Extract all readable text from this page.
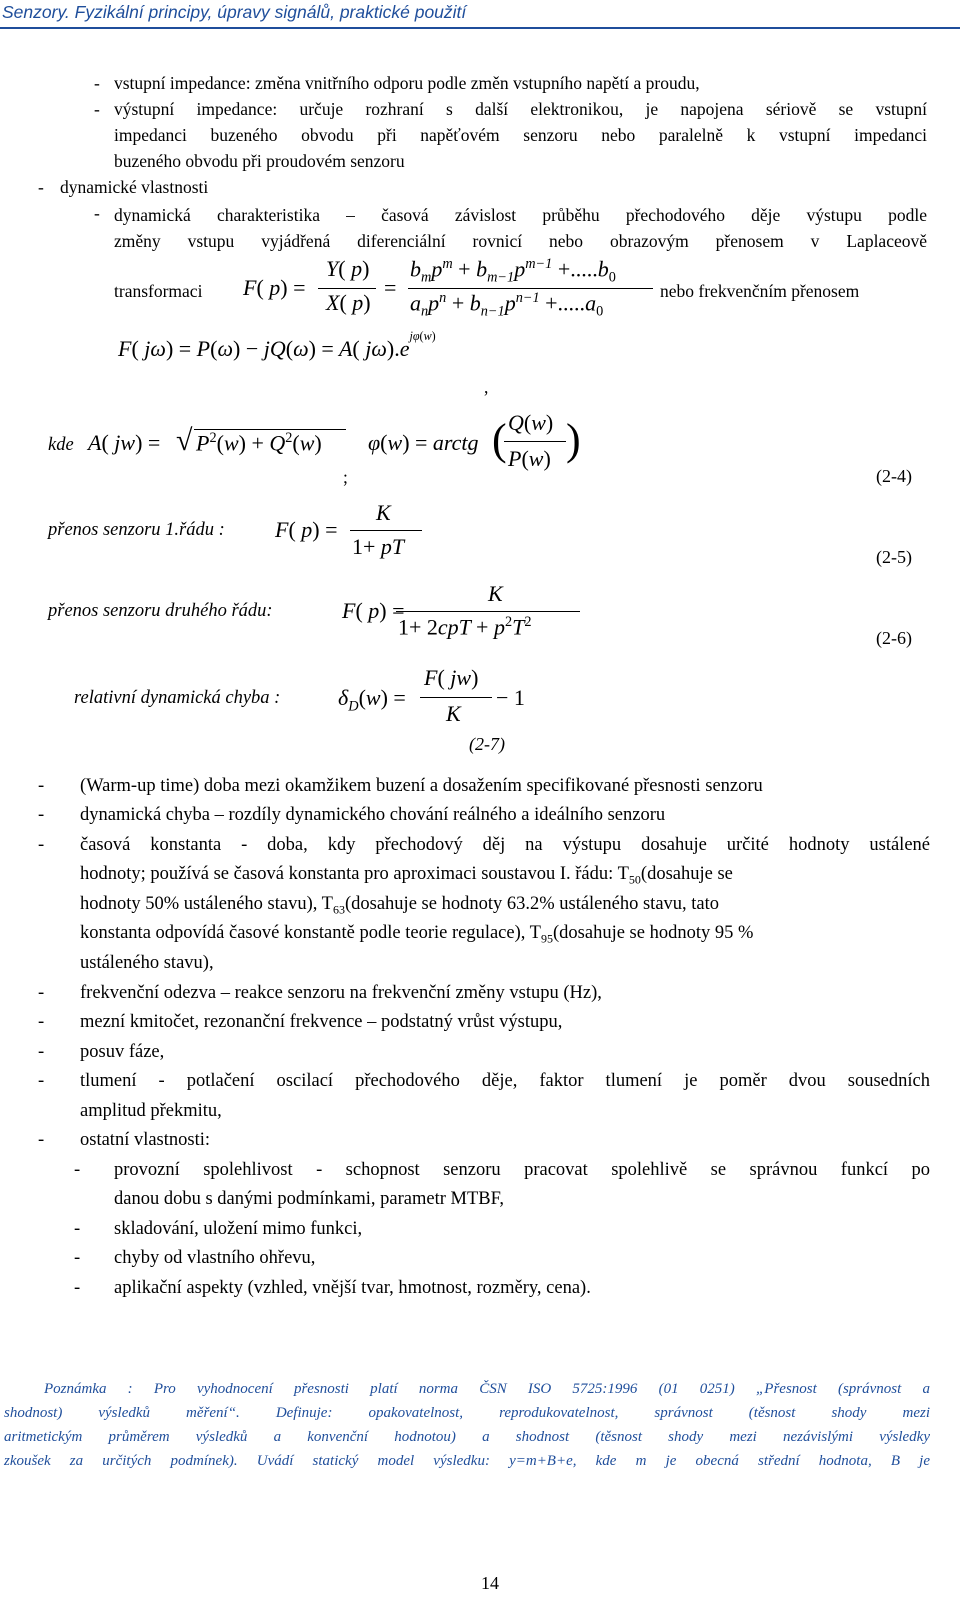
Senzory. Fyzikální principy, úpravy signálů, praktické použití
- vstupní impedance: změna vnitřního odporu podle změn vstupního napětí a proudu,
- výstupní impedance: určuje rozhraní s další elektronikou, je napojena sériově se vstupní
impedanci buzeného obvodu při napěťovém senzoru nebo paralelně k vstupní impedanci
buzeného obvodu při proudovém senzoru
- dynamické vlastnosti
- dynamická charakteristika – časová závislost průběhu přechodového děje výstupu podle
změny vstupu vyjádřená diferenciální rovnicí nebo obrazovým přenosem v Laplaceově
transformaci	nebo frekvenčním přenosem
F( p) =
Y( p)
X( p)
=
$b_mp^m + b_{m-1}p^{m-1} +.....b_0$
$a_np^n + b_{n-1}p^{n-1} +.....a_0$
F( jω) = P(ω) − jQ(ω) = A( $j\omega).e^{j\varphi(w)}$
,
kde A( jw) = √ $P^2(w) + Q^2(w) \varphi(w)$ = arctg ( Q(w)
P(w) )
;	(2-4)
přenos senzoru 1.řádu : F( p) =
K
1+ pT	(2-5)
přenos senzoru druhého řádu:	F( p) =
K
$1+ 2cpT + p^2T^2$
(2-6)
relativní dynamická chyba :	$\delta_D(w)$ =
F( jw)
K
− 1
(2-7)
- (Warm-up time) doba mezi okamžikem buzení a dosažením specifikované přesnosti senzoru
- dynamická chyba – rozdíly dynamického chování reálného a ideálního senzoru
- časová konstanta - doba, kdy přechodový děj na výstupu dosahuje určité hodnoty ustálené
hodnoty; používá se časová konstanta pro aproximaci soustavou I. řádu: $T_{50}(dosahuje$ se
hodnoty 50% ustáleného stavu), $T_{63}(dosahuje$ se hodnoty 63.2% ustáleného stavu, tato
konstanta odpovídá časové konstantě podle teorie regulace), $T_{95}(dosahuje$ se hodnoty 95 %
ustáleného stavu),
- frekvenční odezva – reakce senzoru na frekvenční změny vstupu (Hz),
- mezní kmitočet, rezonanční frekvence – podstatný vrůst výstupu,
- posuv fáze,
- tlumení - potlačení oscilací přechodového děje, faktor tlumení je poměr dvou sousedních
amplitud překmitu,
- ostatní vlastnosti:
- provozní spolehlivost - schopnost senzoru pracovat spolehlivě se správnou funkcí po
danou dobu s danými podmínkami, parametr MTBF,
- skladování, uložení mimo funkci,
- chyby od vlastního ohřevu,
- aplikační aspekty (vzhled, vnější tvar, hmotnost, rozměry, cena).
Poznámka : Pro vyhodnocení přesnosti platí norma ČSN ISO 5725:1996 (01 0251) „Přesnost (správnost a
shodnost) výsledků měření“. Definuje: opakovatelnost, reprodukovatelnost, správnost (těsnost shody mezi
aritmetickým průměrem výsledků a konvenční hodnotou) a shodnost (těsnost shody mezi nezávislými výsledky
zkoušek za určitých podmínek). Uvádí statický model výsledku: y=m+B+e, kde m je obecná střední hodnota, B je
14
